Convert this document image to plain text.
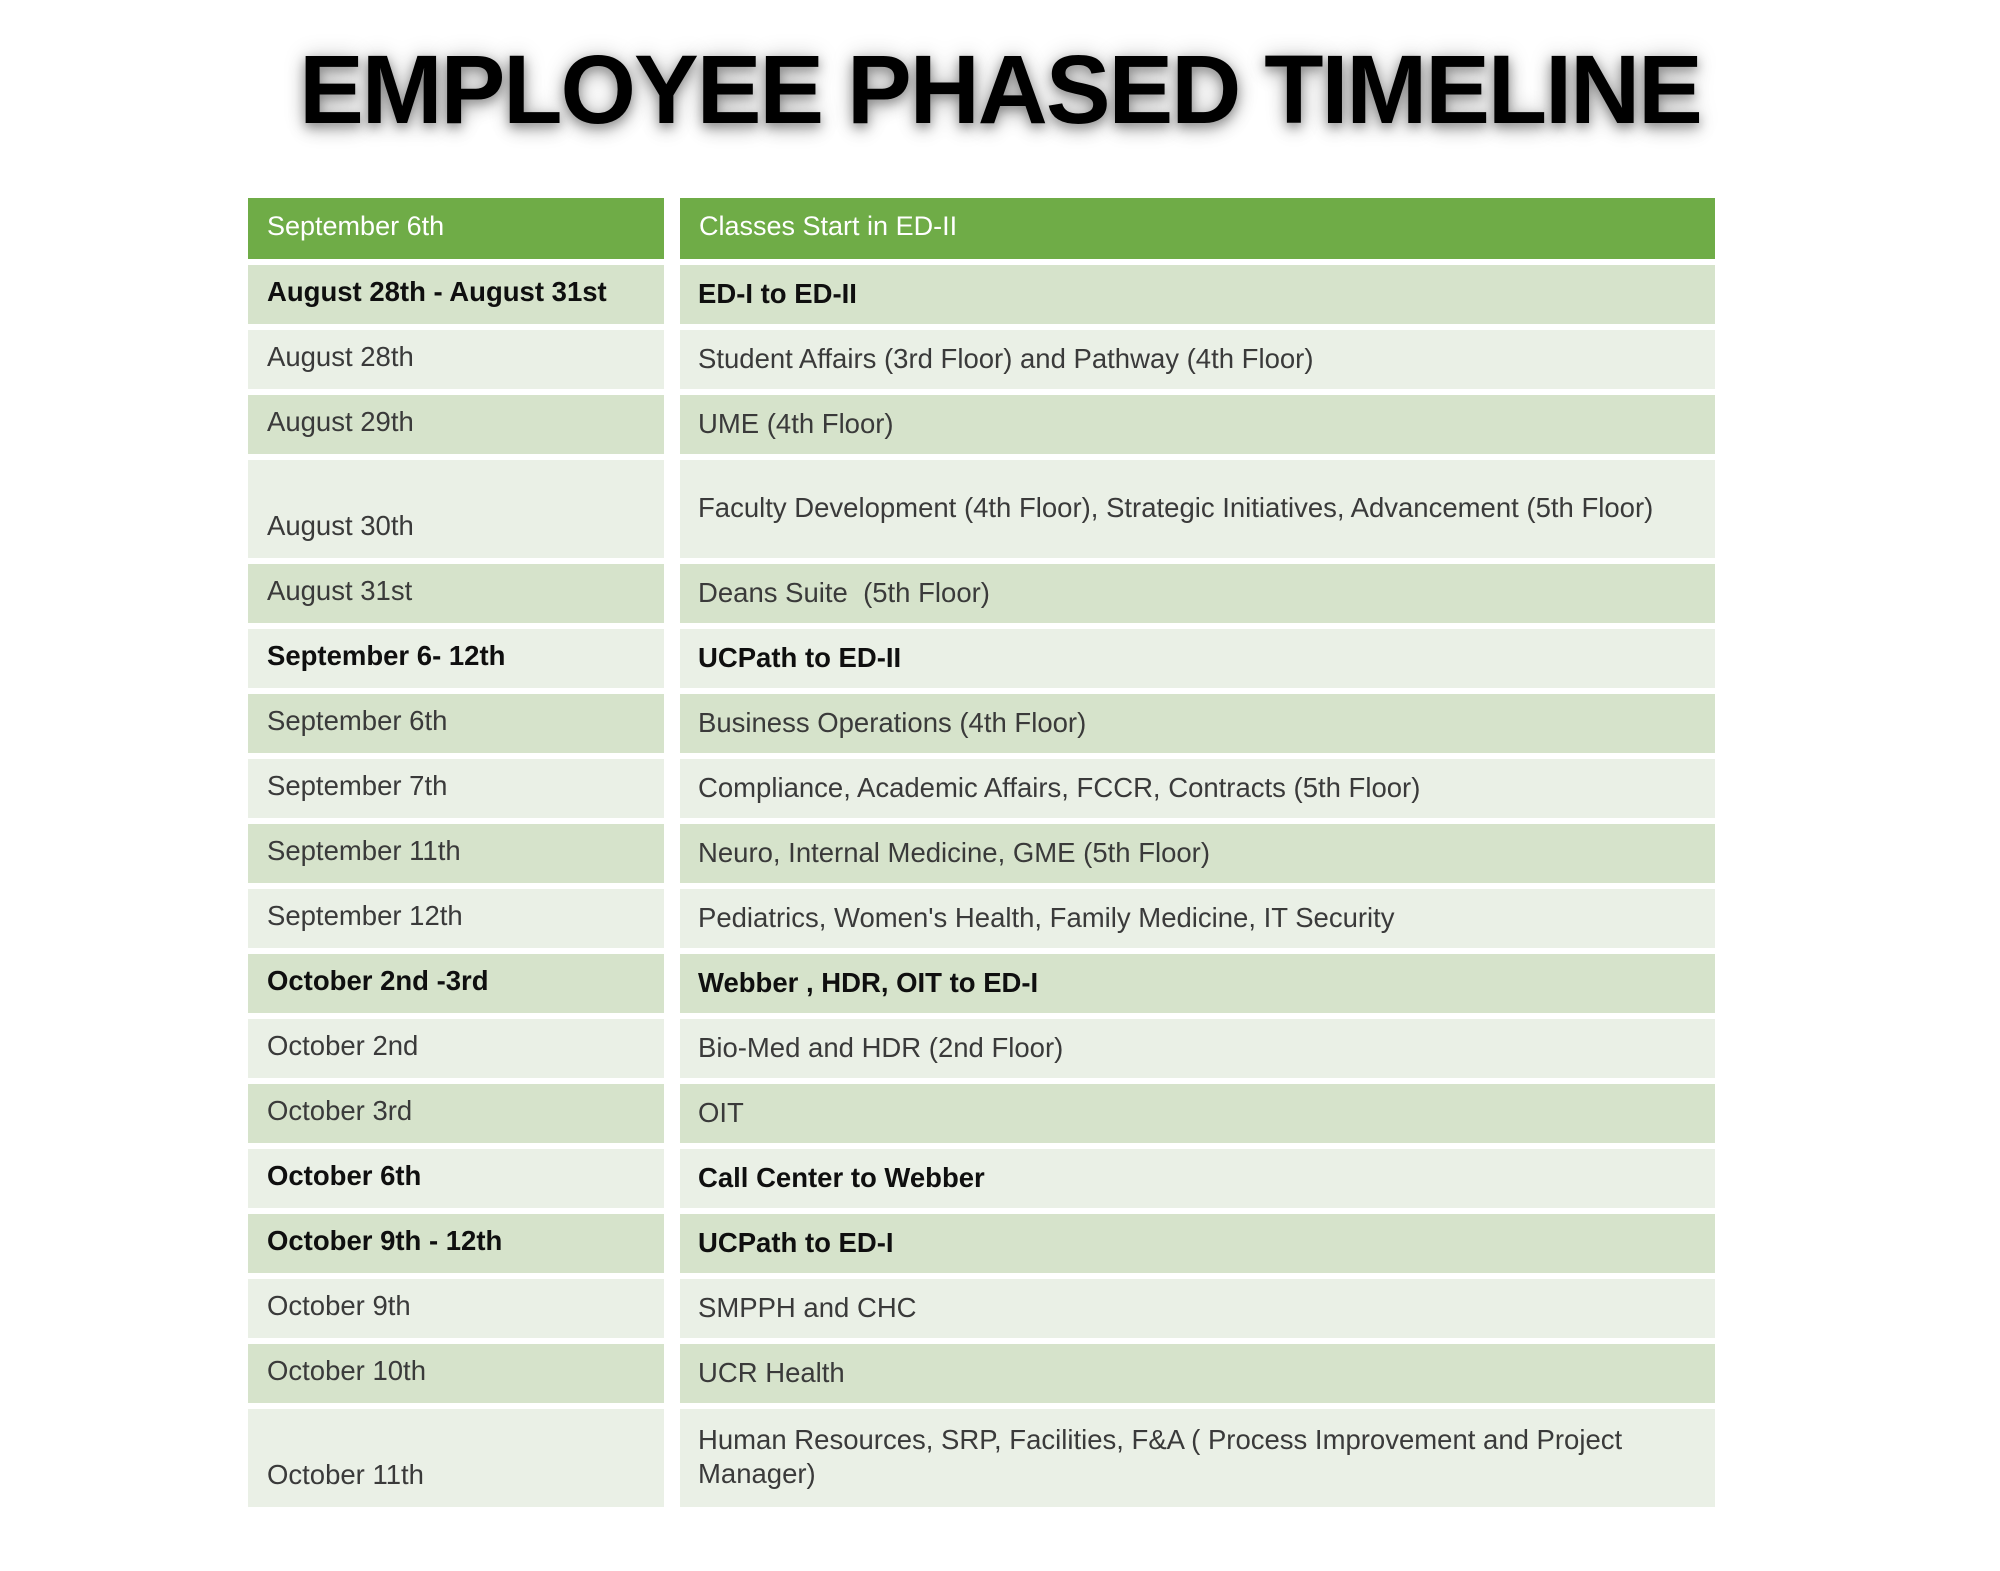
EMPLOYEE PHASED TIMELINE
September 6th	Classes Start in ED-II
August 28th - August 31st	ED-I to ED-II
August 28th	Student Affairs (3rd Floor) and Pathway (4th Floor)
August 29th	UME (4th Floor)
August 30th	Faculty Development (4th Floor), Strategic Initiatives, Advancement (5th Floor)
August 31st	Deans Suite  (5th Floor)
September 6- 12th	UCPath to ED-II
September 6th	Business Operations (4th Floor)
September 7th	Compliance, Academic Affairs, FCCR, Contracts (5th Floor)
September 11th	Neuro, Internal Medicine, GME (5th Floor)
September 12th	Pediatrics, Women's Health, Family Medicine, IT Security
October 2nd -3rd	Webber , HDR, OIT to ED-I
October 2nd	Bio-Med and HDR (2nd Floor)
October 3rd	OIT
October 6th	Call Center to Webber
October 9th - 12th	UCPath to ED-I
October 9th	SMPPH and CHC
October 10th	UCR Health
October 11th	Human Resources, SRP, Facilities, F&A ( Process Improvement and Project Manager)
